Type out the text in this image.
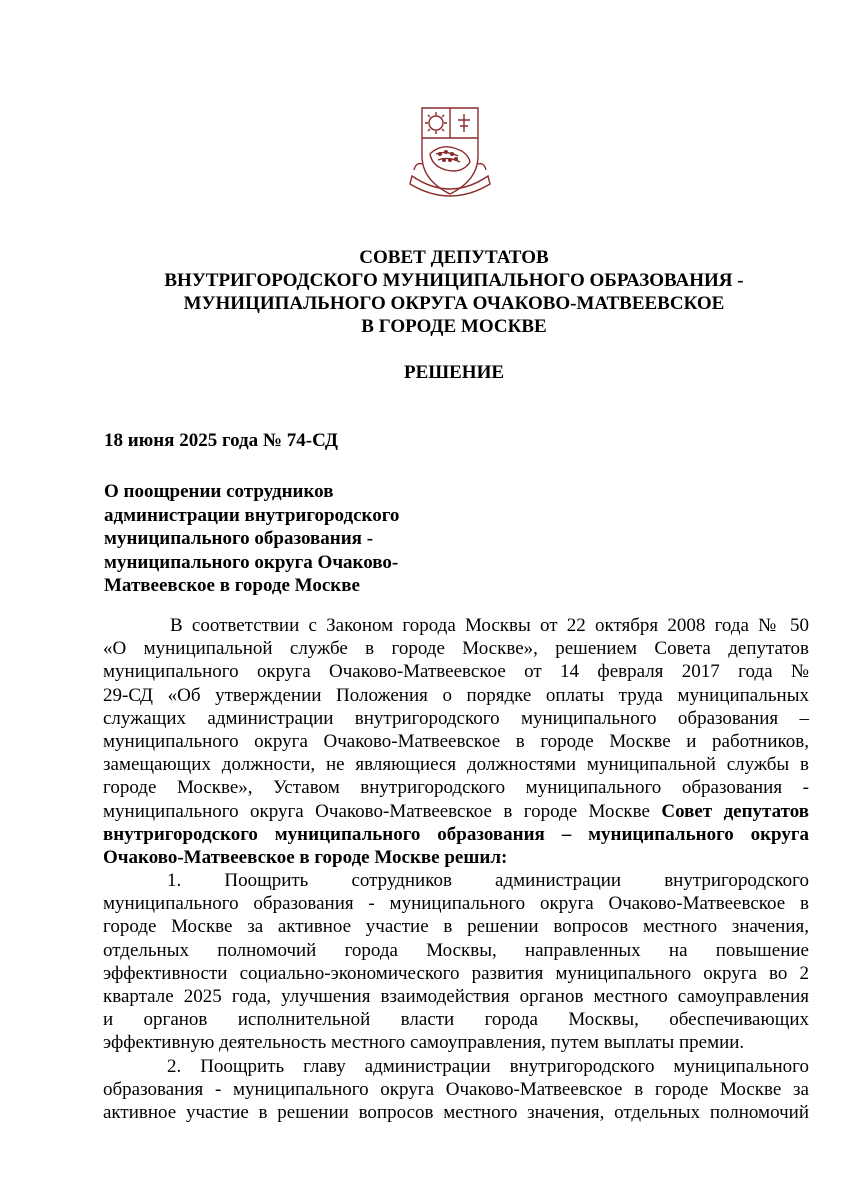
СОВЕТ ДЕПУТАТОВ
ВНУТРИГОРОДСКОГО МУНИЦИПАЛЬНОГО ОБРАЗОВАНИЯ -
МУНИЦИПАЛЬНОГО ОКРУГА ОЧАКОВО-МАТВЕЕВСКОЕ
В ГОРОДЕ МОСКВЕ
РЕШЕНИЕ
18 июня 2025 года № 74-СД
О поощрении сотрудников
администрации внутригородского
муниципального образования -
муниципального округа Очаково-
Матвеевское в городе Москве
В соответствии с Законом города Москвы от 22 октября 2008 года № 50
«О муниципальной службе в городе Москве», решением Совета депутатов
муниципального округа Очаково-Матвеевское от 14 февраля 2017 года №
29-СД «Об утверждении Положения о порядке оплаты труда муниципальных
служащих администрации внутригородского муниципального образования –
муниципального округа Очаково-Матвеевское в городе Москве и работников,
замещающих должности, не являющиеся должностями муниципальной службы в
городе Москве», Уставом внутригородского муниципального образования -
муниципального округа Очаково-Матвеевское в городе Москве Совет депутатов
внутригородского муниципального образования – муниципального округа
Очаково-Матвеевское в городе Москве решил:
1. Поощрить сотрудников администрации внутригородского
муниципального образования - муниципального округа Очаково-Матвеевское в
городе Москве за активное участие в решении вопросов местного значения,
отдельных полномочий города Москвы, направленных на повышение
эффективности социально-экономического развития муниципального округа во 2
квартале 2025 года, улучшения взаимодействия органов местного самоуправления
и органов исполнительной власти города Москвы, обеспечивающих
эффективную деятельность местного самоуправления, путем выплаты премии.
2. Поощрить главу администрации внутригородского муниципального
образования - муниципального округа Очаково-Матвеевское в городе Москве за
активное участие в решении вопросов местного значения, отдельных полномочий
